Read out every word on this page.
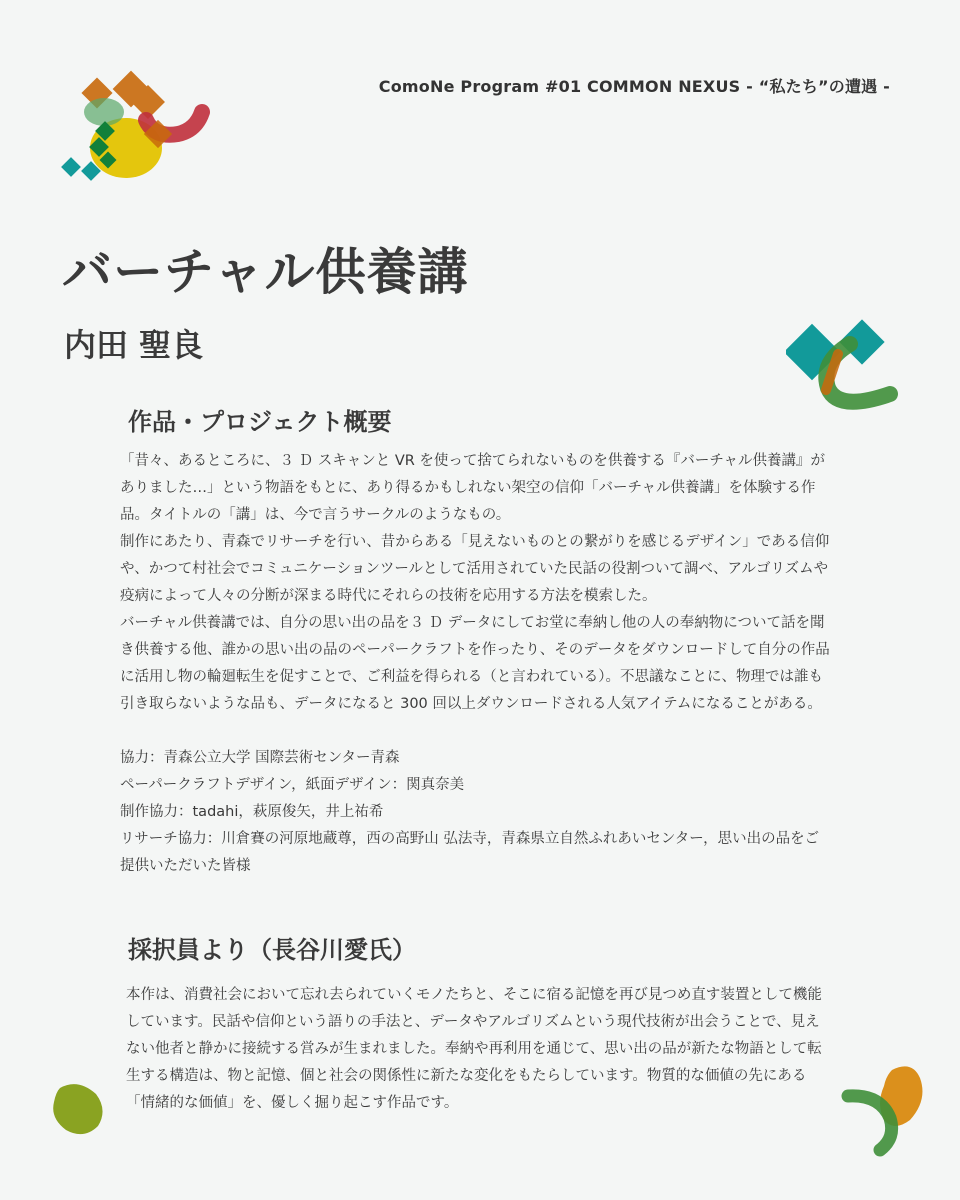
ComoNe Program #01 COMMON NEXUS - “私たち”の遭遇 -
バーチャル供養講
内田 聖良
作品・プロジェクト概要

「昔々、あるところに、３ Ｄ スキャンと VR を使って捨てられないものを供養する『バーチャル供養講』がありました…」という物語をもとに、あり得るかもしれない架空の信仰「バーチャル供養講」を体験する作品。タイトルの「講」は、今で言うサークルのようなもの。

制作にあたり、青森でリサーチを行い、昔からある「見えないものとの繋がりを感じるデザイン」である信仰や、かつて村社会でコミュニケーションツールとして活用されていた民話の役割ついて調べ、アルゴリズムや疫病によって人々の分断が深まる時代にそれらの技術を応用する方法を模索した。

バーチャル供養講では、自分の思い出の品を３ Ｄ データにしてお堂に奉納し他の人の奉納物について話を聞き供養する他、誰かの思い出の品のペーパークラフトを作ったり、そのデータをダウンロードして自分の作品に活用し物の輪廻転生を促すことで、ご利益を得られる（と言われている）。不思議なことに、物理では誰も引き取らないような品も、データになると 300 回以上ダウンロードされる人気アイテムになることがある。

協力：青森公立大学 国際芸術センター青森

ペーパークラフトデザイン，紙面デザイン：関真奈美

制作協力：tadahi，萩原俊矢，井上祐希

リサーチ協力：川倉賽の河原地蔵尊，西の高野山 弘法寺，青森県立自然ふれあいセンター，思い出の品をご提供いただいた皆様

採択員より（長谷川愛氏）

本作は、消費社会において忘れ去られていくモノたちと、そこに宿る記憶を再び見つめ直す装置として機能しています。民話や信仰という語りの手法と、データやアルゴリズムという現代技術が出会うことで、見えない他者と静かに接続する営みが生まれました。奉納や再利用を通じて、思い出の品が新たな物語として転生する構造は、物と記憶、個と社会の関係性に新たな変化をもたらしています。物質的な価値の先にある「情緒的な価値」を、優しく掘り起こす作品です。
